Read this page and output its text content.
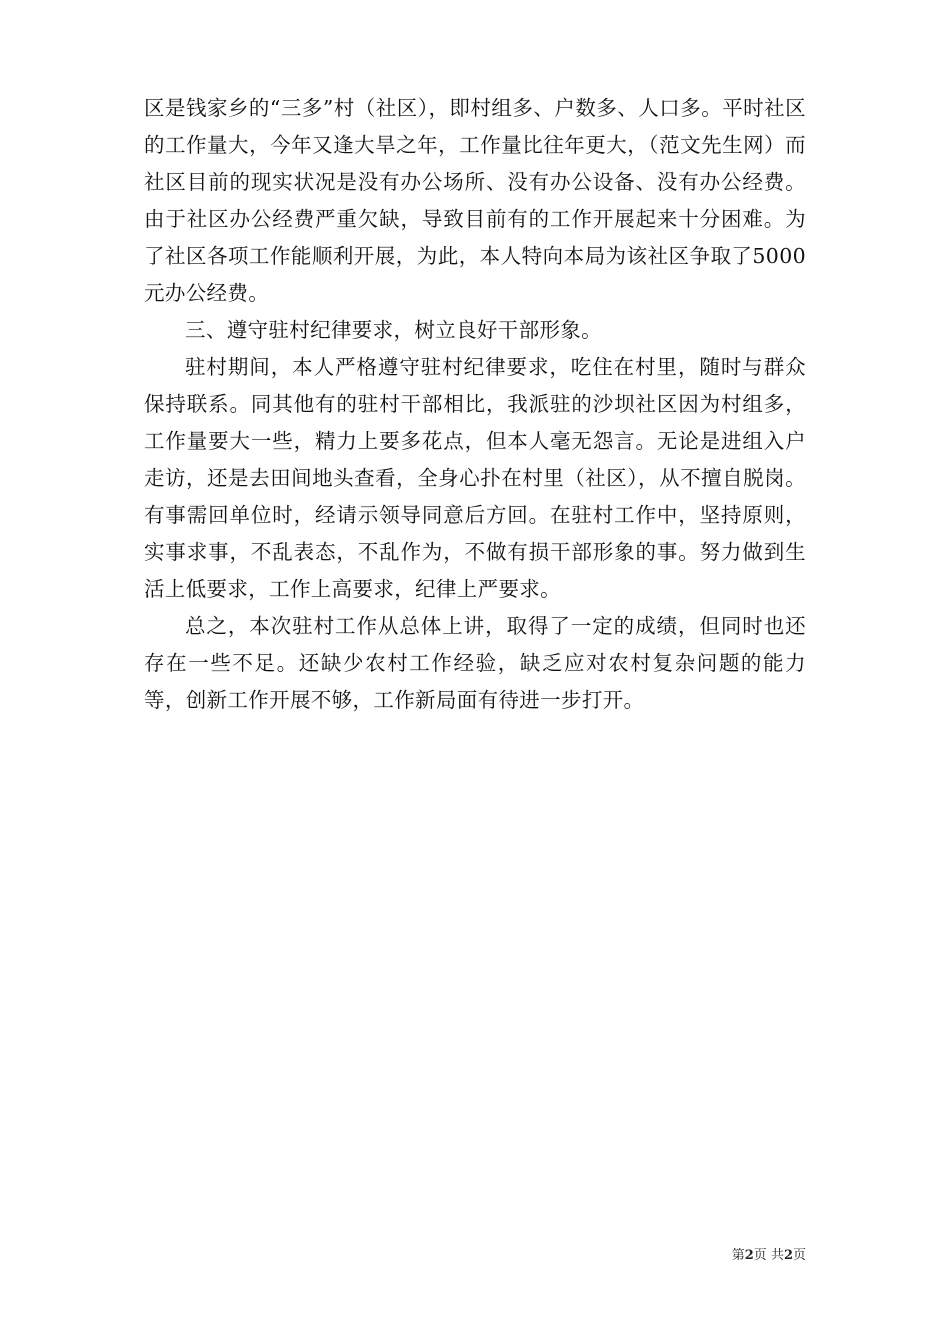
区是钱家乡的“三多”村（社区），即村组多、户数多、人口多。平时社区的工作量大，今年又逢大旱之年，工作量比往年更大，（范文先生网）而社区目前的现实状况是没有办公场所、没有办公设备、没有办公经费。由于社区办公经费严重欠缺，导致目前有的工作开展起来十分困难。为了社区各项工作能顺利开展，为此，本人特向本局为该社区争取了5000元办公经费。

三、遵守驻村纪律要求，树立良好干部形象。

驻村期间，本人严格遵守驻村纪律要求，吃住在村里，随时与群众保持联系。同其他有的驻村干部相比，我派驻的沙坝社区因为村组多，工作量要大一些，精力上要多花点，但本人毫无怨言。无论是进组入户走访，还是去田间地头查看，全身心扑在村里（社区），从不擅自脱岗。有事需回单位时，经请示领导同意后方回。在驻村工作中，坚持原则，实事求事，不乱表态，不乱作为，不做有损干部形象的事。努力做到生活上低要求，工作上高要求，纪律上严要求。

总之，本次驻村工作从总体上讲，取得了一定的成绩，但同时也还存在一些不足。还缺少农村工作经验，缺乏应对农村复杂问题的能力等，创新工作开展不够，工作新局面有待进一步打开。

第2页 共2页
